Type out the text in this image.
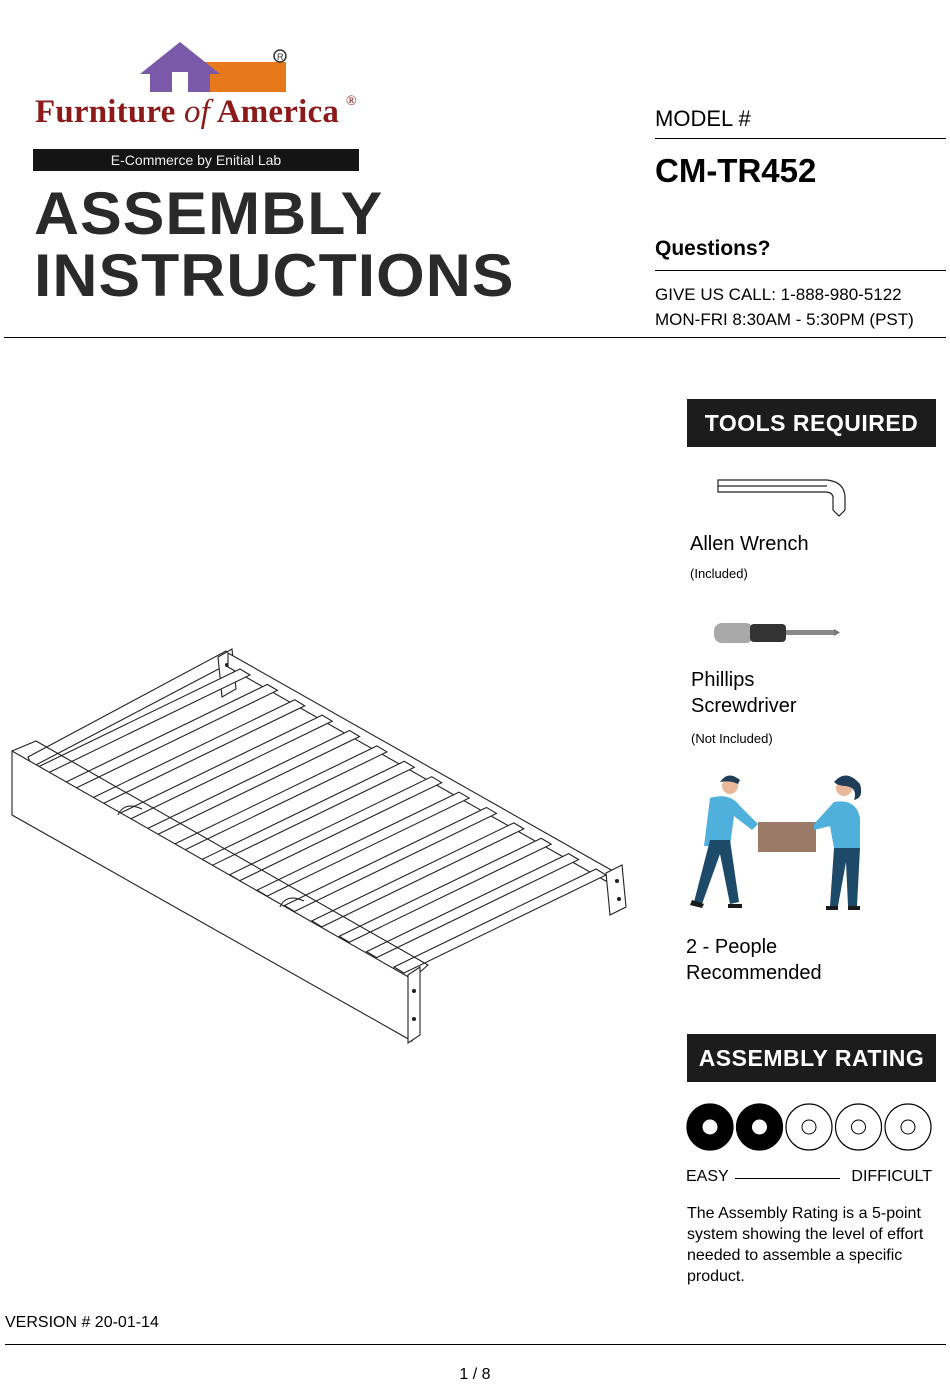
R
Furniture of America ®
E-Commerce by Enitial Lab
ASSEMBLY
INSTRUCTIONS
MODEL #
CM-TR452
Questions?
GIVE US CALL: 1-888-980-5122
MON-FRI 8:30AM - 5:30PM (PST)
TOOLS REQUIRED
Allen Wrench
(Included)
Phillips
Screwdriver
(Not Included)
2 - People
Recommended
ASSEMBLY RATING
EASY	DIFFICULT
The Assembly Rating is a 5-point system showing the level of effort needed to assemble a specific product.
VERSION # 20-01-14
1 / 8
